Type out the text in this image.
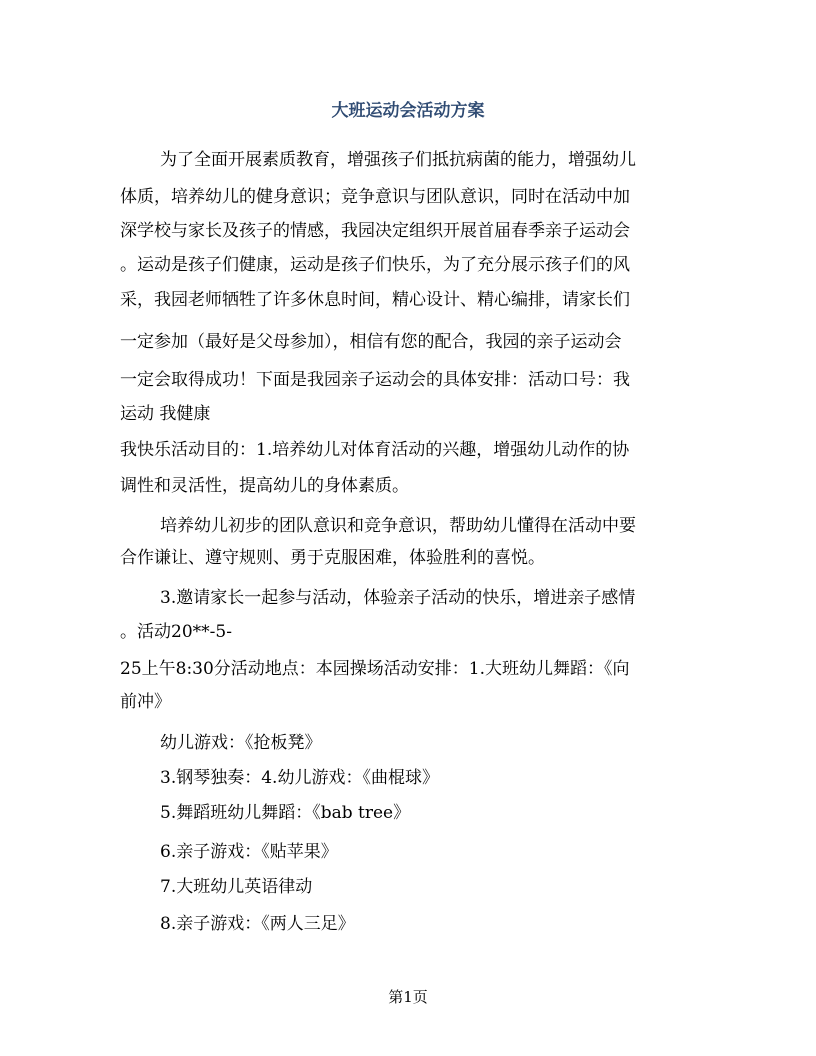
大班运动会活动方案
为了全面开展素质教育，增强孩子们抵抗病菌的能力，增强幼儿
体质，培养幼儿的健身意识；竞争意识与团队意识，同时在活动中加
深学校与家长及孩子的情感，我园决定组织开展首届春季亲子运动会
。运动是孩子们健康，运动是孩子们快乐，为了充分展示孩子们的风
采，我园老师牺牲了许多休息时间，精心设计、精心编排，请家长们
一定参加（最好是父母参加），相信有您的配合，我园的亲子运动会
一定会取得成功！下面是我园亲子运动会的具体安排：活动口号：我
运动 我健康
我快乐活动目的：1.培养幼儿对体育活动的兴趣，增强幼儿动作的协
调性和灵活性，提高幼儿的身体素质。
培养幼儿初步的团队意识和竞争意识，帮助幼儿懂得在活动中要
合作谦让、遵守规则、勇于克服困难，体验胜利的喜悦。
3.邀请家长一起参与活动，体验亲子活动的快乐，增进亲子感情
。活动20**-5-
25上午8:30分活动地点：本园操场活动安排：1.大班幼儿舞蹈：《向
前冲》
幼儿游戏：《抢板凳》
3.钢琴独奏：4.幼儿游戏：《曲棍球》
5.舞蹈班幼儿舞蹈：《bab tree》
6.亲子游戏：《贴苹果》
7.大班幼儿英语律动
8.亲子游戏：《两人三足》
第1页
